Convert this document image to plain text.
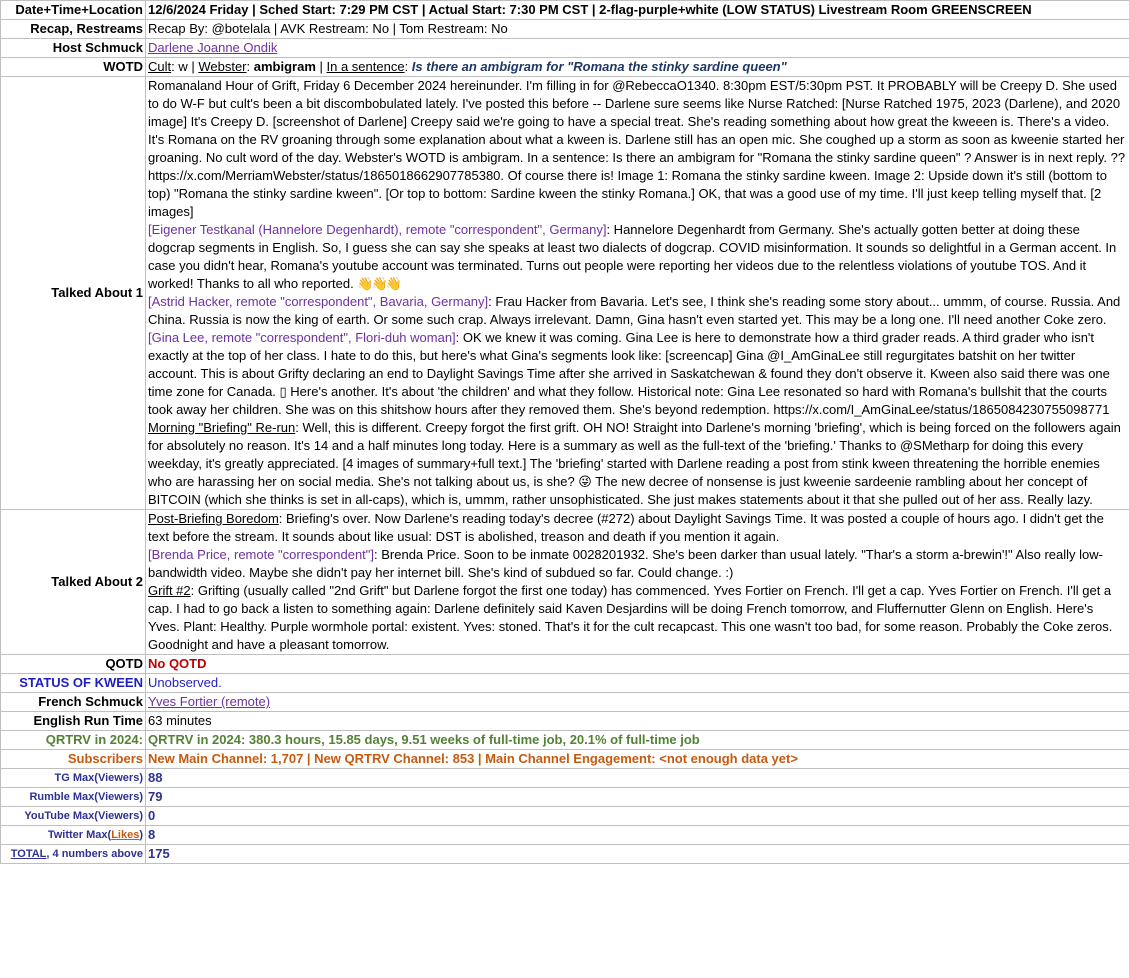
Date+Time+Location	12/6/2024 Friday | Sched Start: 7:29 PM CST | Actual Start: 7:30 PM CST | 2-flag-purple+white (LOW STATUS) Livestream Room GREENSCREEN
Recap, Restreams	Recap By: @botelala | AVK Restream: No | Tom Restream: No
Host Schmuck	Darlene Joanne Ondik
WOTD	Cult: w | Webster: ambigram | In a sentence: Is there an ambigram for "Romana the stinky sardine queen"
Talked About 1	Romanaland Hour of Grift, Friday 6 December 2024 hereinunder. I'm filling in for @RebeccaO1340. 8:30pm EST/5:30pm PST. It PROBABLY will be Creepy D. She used to do W-F but cult's been a bit discombobulated lately. I've posted this before -- Darlene sure seems like Nurse Ratched: [Nurse Ratched 1975, 2023 (Darlene), and 2020 image] It's Creepy D. [screenshot of Darlene] Creepy said we're going to have a special treat. She's reading something about how great the kweeen is. There's a video. It's Romana on the RV groaning through some explanation about what a kween is. Darlene still has an open mic. She coughed up a storm as soon as kweenie started her groaning. No cult word of the day. Webster's WOTD is ambigram. In a sentence: Is there an ambigram for "Romana the stinky sardine queen" ? Answer is in next reply. ?? https://x.com/MerriamWebster/status/1865018662907785380. Of course there is! Image 1: Romana the stinky sardine kween. Image 2: Upside down it's still (bottom to top) "Romana the stinky sardine kween". [Or top to bottom: Sardine kween the stinky Romana.] OK, that was a good use of my time. I'll just keep telling myself that. [2 images]
[Eigener Testkanal (Hannelore Degenhardt), remote "correspondent", Germany]: Hannelore Degenhardt from Germany. She's actually gotten better at doing these dogcrap segments in English. So, I guess she can say she speaks at least two dialects of dogcrap. COVID misinformation. It sounds so delightful in a German accent. In case you didn't hear, Romana's youtube account was terminated. Turns out people were reporting her videos due to the relentless violations of youtube TOS. And it worked! Thanks to all who reported. 👋👋👋
[Astrid Hacker, remote "correspondent", Bavaria, Germany]: Frau Hacker from Bavaria. Let's see, I think she's reading some story about... ummm, of course. Russia. And China. Russia is now the king of earth. Or some such crap. Always irrelevant. Damn, Gina hasn't even started yet. This may be a long one. I'll need another Coke zero.
[Gina Lee, remote "correspondent", Flori-duh woman]: OK we knew it was coming. Gina Lee is here to demonstrate how a third grader reads. A third grader who isn't exactly at the top of her class. I hate to do this, but here's what Gina's segments look like: [screencap] Gina @I_AmGinaLee still regurgitates batshit on her twitter account. This is about Grifty declaring an end to Daylight Savings Time after she arrived in Saskatchewan & found they don't observe it. Kween also said there was one time zone for Canada. ▯ Here's another. It's about 'the children' and what they follow. Historical note: Gina Lee resonated so hard with Romana's bullshit that the courts took away her children. She was on this shitshow hours after they removed them. She's beyond redemption. https://x.com/I_AmGinaLee/status/1865084230755098771
Morning "Briefing" Re-run: Well, this is different. Creepy forgot the first grift. OH NO! Straight into Darlene's morning 'briefing', which is being forced on the followers again for absolutely no reason. It's 14 and a half minutes long today. Here is a summary as well as the full-text of the 'briefing.' Thanks to @SMetharp for doing this every weekday, it's greatly appreciated. [4 images of summary+full text.] The 'briefing' started with Darlene reading a post from stink kween threatening the horrible enemies who are harassing her on social media. She's not talking about us, is she? 😜 The new decree of nonsense is just kweenie sardeenie rambling about her concept of BITCOIN (which she thinks is set in all-caps), which is, ummm, rather unsophisticated. She just makes statements about it that she pulled out of her ass. Really lazy.
Talked About 2	Post-Briefing Boredom: Briefing's over. Now Darlene's reading today's decree (#272) about Daylight Savings Time. It was posted a couple of hours ago. I didn't get the text before the stream. It sounds about like usual: DST is abolished, treason and death if you mention it again.
[Brenda Price, remote "correspondent"]: Brenda Price. Soon to be inmate 0028201932. She's been darker than usual lately. "Thar's a storm a-brewin'!" Also really low-bandwidth video. Maybe she didn't pay her internet bill. She's kind of subdued so far. Could change. :)
Grift #2: Grifting (usually called "2nd Grift" but Darlene forgot the first one today) has commenced. Yves Fortier on French. I'll get a cap. Yves Fortier on French. I'll get a cap. I had to go back a listen to something again: Darlene definitely said Kaven Desjardins will be doing French tomorrow, and Fluffernutter Glenn on English. Here's Yves. Plant: Healthy. Purple wormhole portal: existent. Yves: stoned. That's it for the cult recapcast. This one wasn't too bad, for some reason. Probably the Coke zeros. Goodnight and have a pleasant tomorrow.
QOTD	No QOTD
STATUS OF KWEEN	Unobserved.
French Schmuck	Yves Fortier (remote)
English Run Time	63 minutes
QRTRV in 2024:	QRTRV in 2024: 380.3 hours, 15.85 days, 9.51 weeks of full-time job, 20.1% of full-time job
Subscribers	New Main Channel: 1,707 | New QRTRV Channel: 853 | Main Channel Engagement: <not enough data yet>
TG Max(Viewers)	88
Rumble Max(Viewers)	79
YouTube Max(Viewers)	0
Twitter Max(Likes)	8
TOTAL, 4 numbers above	175
